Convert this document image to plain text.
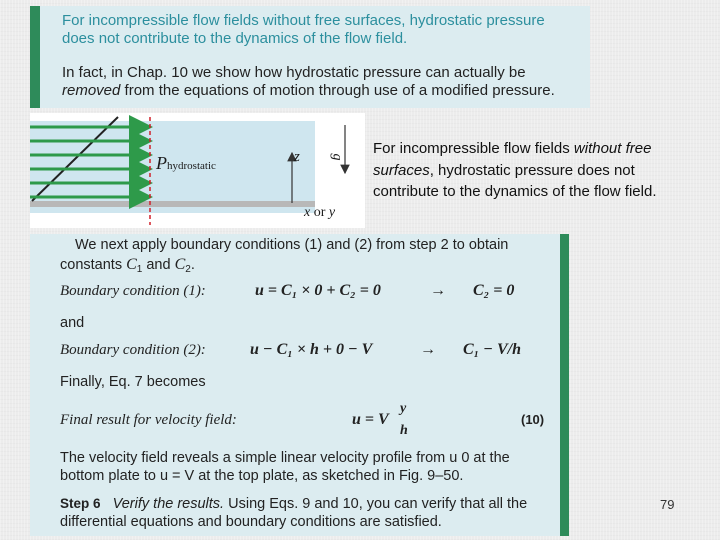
For incompressible flow fields without free surfaces, hydrostatic pressure
does not contribute to the dynamics of the flow field.
In fact, in Chap. 10 we show how hydrostatic pressure can actually be
removed from the equations of motion through use of a modified pressure.
Phydrostatic
z g
x or y
For incompressible flow fields without free surfaces, hydrostatic pressure does not contribute to the dynamics of the flow field.
We next apply boundary conditions (1) and (2) from step 2 to obtain
constants $C_1$ and $C_2$.
Boundary condition (1):	u = C₁ × 0 + C₂ = 0	→ C₂ = 0
and
Boundary condition (2):	u − C₁ × h + 0 − V	→ C₁ − V/h
Finally, Eq. 7 becomes
Final result for velocity field:	u = V
y
h
(10)
The velocity field reveals a simple linear velocity profile from u 0 at the
bottom plate to u = V at the top plate, as sketched in Fig. 9–50.
Step 6 Verify the results. Using Eqs. 9 and 10, you can verify that all the
differential equations and boundary conditions are satisfied.
79
